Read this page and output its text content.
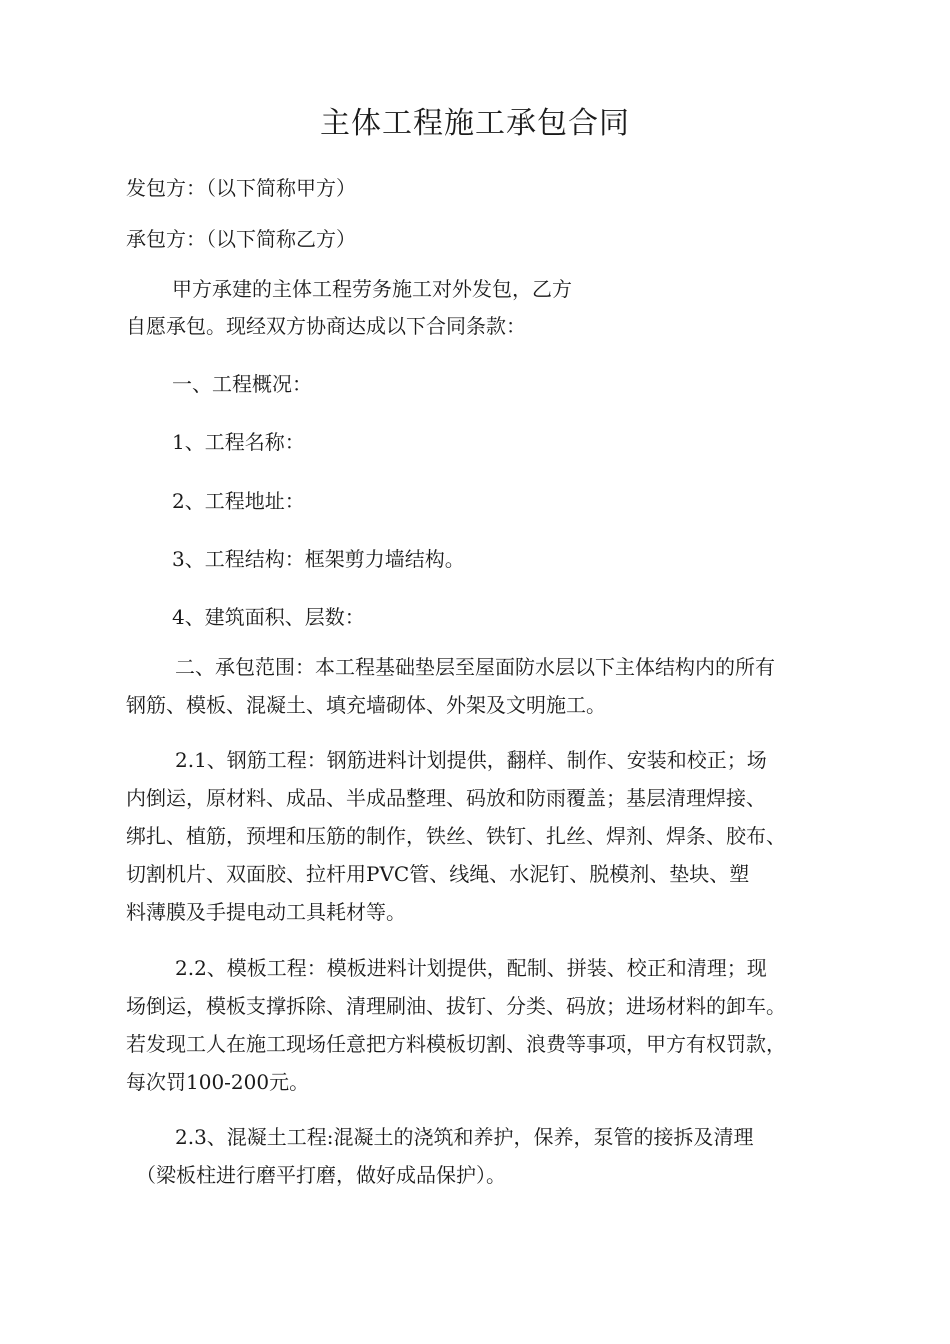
主体工程施工承包合同
发包方：（以下简称甲方）
承包方：（以下简称乙方）
甲方承建的主体工程劳务施工对外发包，乙方
自愿承包。现经双方协商达成以下合同条款：
一、工程概况：
1、工程名称：
2、工程地址：
3、工程结构：框架剪力墙结构。
4、建筑面积、层数：
二、承包范围：本工程基础垫层至屋面防水层以下主体结构内的所有
钢筋、模板、混凝土、填充墙砌体、外架及文明施工。
2.1、钢筋工程：钢筋进料计划提供，翻样、制作、安装和校正；场
内倒运，原材料、成品、半成品整理、码放和防雨覆盖；基层清理焊接、
绑扎、植筋，预埋和压筋的制作，铁丝、铁钉、扎丝、焊剂、焊条、胶布、
切割机片、双面胶、拉杆用PVC管、线绳、水泥钉、脱模剂、垫块、塑
料薄膜及手提电动工具耗材等。
2.2、模板工程：模板进料计划提供，配制、拼装、校正和清理；现
场倒运，模板支撑拆除、清理刷油、拔钉、分类、码放；进场材料的卸车。
若发现工人在施工现场任意把方料模板切割、浪费等事项，甲方有权罚款，
每次罚100-200元。
2.3、混凝土工程:混凝土的浇筑和养护，保养，泵管的接拆及清理
（梁板柱进行磨平打磨，做好成品保护）。
